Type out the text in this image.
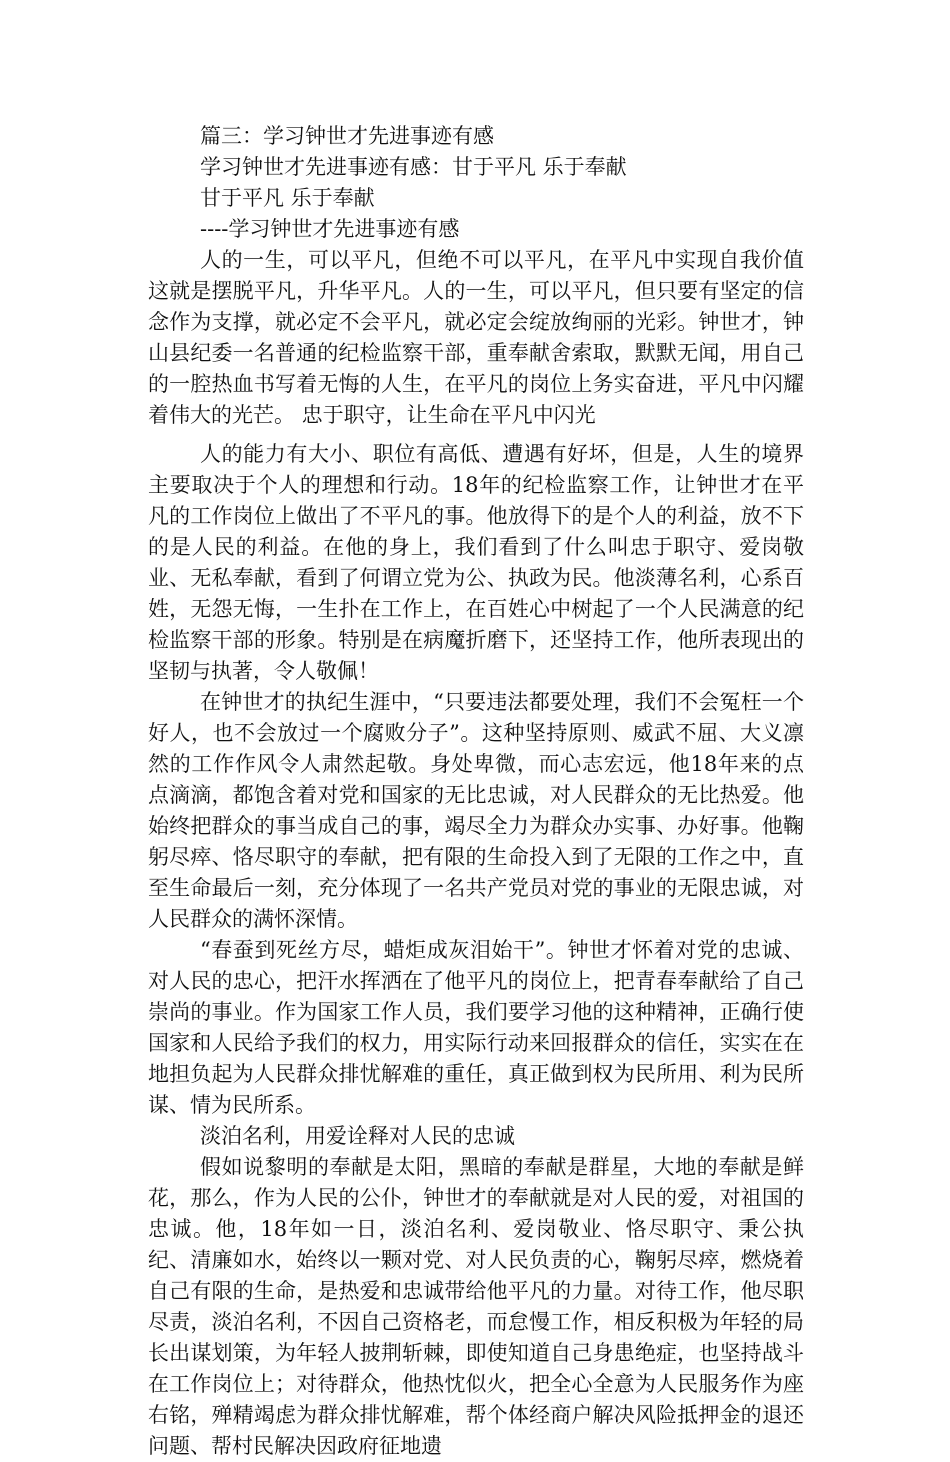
篇三：学习钟世才先进事迹有感

学习钟世才先进事迹有感：甘于平凡 乐于奉献

甘于平凡 乐于奉献

----学习钟世才先进事迹有感

人的一生，可以平凡，但绝不可以平凡，在平凡中实现自我价值这就是摆脱平凡，升华平凡。人的一生，可以平凡，但只要有坚定的信念作为支撑，就必定不会平凡，就必定会绽放绚丽的光彩。钟世才，钟山县纪委一名普通的纪检监察干部，重奉献舍索取，默默无闻，用自己的一腔热血书写着无悔的人生，在平凡的岗位上务实奋进，平凡中闪耀着伟大的光芒。 忠于职守，让生命在平凡中闪光

人的能力有大小、职位有高低、遭遇有好坏，但是，人生的境界主要取决于个人的理想和行动。18年的纪检监察工作，让钟世才在平凡的工作岗位上做出了不平凡的事。他放得下的是个人的利益，放不下的是人民的利益。在他的身上，我们看到了什么叫忠于职守、爱岗敬业、无私奉献，看到了何谓立党为公、执政为民。他淡薄名利，心系百姓，无怨无悔，一生扑在工作上，在百姓心中树起了一个人民满意的纪检监察干部的形象。特别是在病魔折磨下，还坚持工作，他所表现出的坚韧与执著，令人敬佩！

在钟世才的执纪生涯中，“只要违法都要处理，我们不会冤枉一个好人，也不会放过一个腐败分子”。这种坚持原则、威武不屈、大义凛然的工作作风令人肃然起敬。身处卑微，而心志宏远，他18年来的点点滴滴，都饱含着对党和国家的无比忠诚，对人民群众的无比热爱。他始终把群众的事当成自己的事，竭尽全力为群众办实事、办好事。他鞠躬尽瘁、恪尽职守的奉献，把有限的生命投入到了无限的工作之中，直至生命最后一刻，充分体现了一名共产党员对党的事业的无限忠诚，对人民群众的满怀深情。

“春蚕到死丝方尽，蜡炬成灰泪始干”。钟世才怀着对党的忠诚、对人民的忠心，把汗水挥洒在了他平凡的岗位上，把青春奉献给了自己崇尚的事业。作为国家工作人员，我们要学习他的这种精神，正确行使国家和人民给予我们的权力，用实际行动来回报群众的信任，实实在在地担负起为人民群众排忧解难的重任，真正做到权为民所用、利为民所谋、情为民所系。

淡泊名利，用爱诠释对人民的忠诚

假如说黎明的奉献是太阳，黑暗的奉献是群星，大地的奉献是鲜花，那么，作为人民的公仆，钟世才的奉献就是对人民的爱，对祖国的忠诚。他，18年如一日，淡泊名利、爱岗敬业、恪尽职守、秉公执纪、清廉如水，始终以一颗对党、对人民负责的心，鞠躬尽瘁，燃烧着自己有限的生命，是热爱和忠诚带给他平凡的力量。对待工作，他尽职尽责，淡泊名利，不因自己资格老，而怠慢工作，相反积极为年轻的局长出谋划策，为年轻人披荆斩棘，即使知道自己身患绝症，也坚持战斗在工作岗位上；对待群众，他热忱似火，把全心全意为人民服务作为座右铭，殚精竭虑为群众排忧解难，帮个体经商户解决风险抵押金的退还问题、帮村民解决因政府征地遗
